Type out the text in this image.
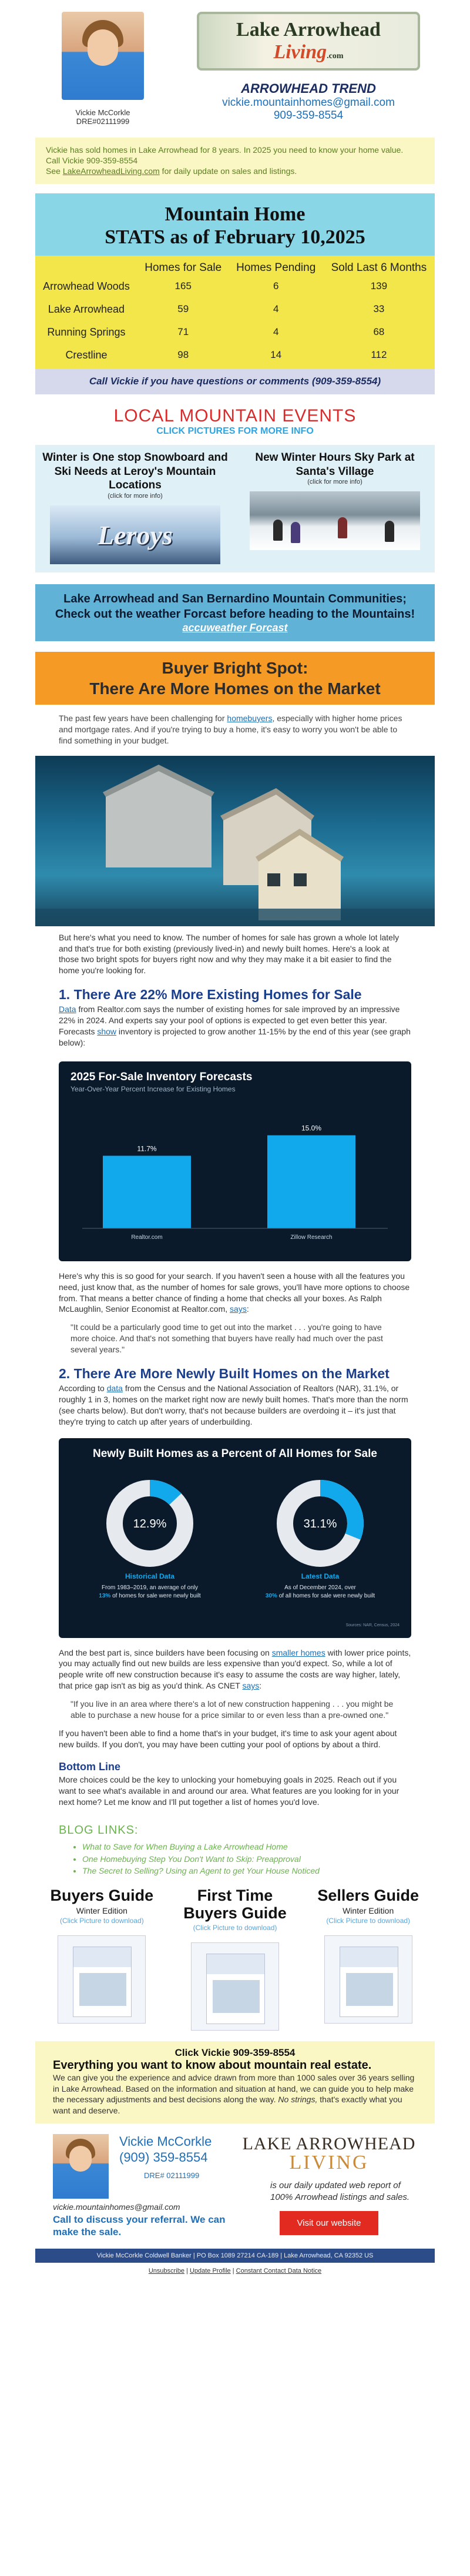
Vickie McCorkle
DRE#02111999
Lake Arrowhead Living.com
ARROWHEAD TREND
vickie.mountainhomes@gmail.com
909-359-8554
Vickie has sold homes in Lake Arrowhead for 8 years. In 2025 you need to know your home value.
Call Vickie 909-359-8554
See LakeArrowheadLiving.com for daily update on sales and listings.
Mountain Home
STATS as of February 10,2025
	Homes for Sale	Homes Pending	Sold Last 6 Months
Arrowhead Woods	165	6	139
Lake Arrowhead	59	4	33
Running Springs	71	4	68
Crestline	98	14	112
Call Vickie if you have questions or comments (909-359-8554)
LOCAL MOUNTAIN EVENTS
CLICK PICTURES FOR MORE INFO
Winter is One stop Snowboard and Ski Needs at Leroy's Mountain Locations
(click for more info)
Leroys
New Winter Hours Sky Park at Santa's Village
(click for more info)
Lake Arrowhead and San Bernardino Mountain Communities; Check out the weather Forcast before heading to the Mountains!
accuweather Forcast
Buyer Bright Spot:
There Are More Homes on the Market
The past few years have been challenging for homebuyers, especially with higher home prices and mortgage rates. And if you're trying to buy a home, it's easy to worry you won't be able to find something in your budget.
But here's what you need to know. The number of homes for sale has grown a whole lot lately and that's true for both existing (previously lived-in) and newly built homes. Here's a look at those two bright spots for buyers right now and why they may make it a bit easier to find the home you're looking for.
1. There Are 22% More Existing Homes for Sale
Data from Realtor.com says the number of existing homes for sale improved by an impressive 22% in 2024. And experts say your pool of options is expected to get even better this year. Forecasts show inventory is projected to grow another 11-15% by the end of this year (see graph below):
2025 For-Sale Inventory Forecasts
Year-Over-Year Percent Increase for Existing Homes
11.7%
Realtor.com
15.0%
Zillow Research
Here's why this is so good for your search. If you haven't seen a house with all the features you need, just know that, as the number of homes for sale grows, you'll have more options to choose from. That means a better chance of finding a home that checks all your boxes. As Ralph McLaughlin, Senior Economist at Realtor.com, says:
"It could be a particularly good time to get out into the market . . . you're going to have more choice. And that's not something that buyers have really had much over the past several years."
2. There Are More Newly Built Homes on the Market
According to data from the Census and the National Association of Realtors (NAR), 31.1%, or roughly 1 in 3, homes on the market right now are newly built homes. That's more than the norm (see charts below). But don't worry, that's not because builders are overdoing it – it's just that they're trying to catch up after years of underbuilding.
Newly Built Homes as a Percent of All Homes for Sale
12.9%
Historical Data
From 1983–2019, an average of only
13% of homes for sale were newly built
31.1%
Latest Data
As of December 2024, over
30% of all homes for sale were newly built
Sources: NAR, Census, 2024
And the best part is, since builders have been focusing on smaller homes with lower price points, you may actually find out new builds are less expensive than you'd expect. So, while a lot of people write off new construction because it's easy to assume the costs are way higher, lately, that price gap isn't as big as you'd think. As CNET says:
"If you live in an area where there's a lot of new construction happening . . . you might be able to purchase a new house for a price similar to or even less than a pre-owned one."
If you haven't been able to find a home that's in your budget, it's time to ask your agent about new builds. If you don't, you may have been cutting your pool of options by about a third.
Bottom Line
More choices could be the key to unlocking your homebuying goals in 2025. Reach out if you want to see what's available in and around our area. What features are you looking for in your next home? Let me know and I'll put together a list of homes you'd love.
BLOG LINKS:
• What to Save for When Buying a Lake Arrowhead Home
• One Homebuying Step You Don't Want to Skip: Preapproval
• The Secret to Selling? Using an Agent to get Your House Noticed
Buyers Guide
Winter Edition
(Click Picture to download)
First Time Buyers Guide
(Click Picture to download)
Sellers Guide
Winter Edition
(Click Picture to download)
Click Vickie 909-359-8554
Everything you want to know about mountain real estate.
We can give you the experience and advice drawn from more than 1000 sales over 36 years selling in Lake Arrowhead. Based on the information and situation at hand, we can guide you to help make the necessary adjustments and best decisions along the way. No strings, that's exactly what you want and deserve.
Vickie McCorkle
(909) 359-8554
DRE# 02111999
vickie.mountainhomes@gmail.com
Call to discuss your referral. We can make the sale.
LAKE ARROWHEAD
LIVING
is our daily updated web report of 100% Arrowhead listings and sales.
Visit our website
Vickie McCorkle Coldwell Banker | PO Box 1089 27214 CA-189 | Lake Arrowhead, CA 92352 US
Unsubscribe | Update Profile | Constant Contact Data Notice
